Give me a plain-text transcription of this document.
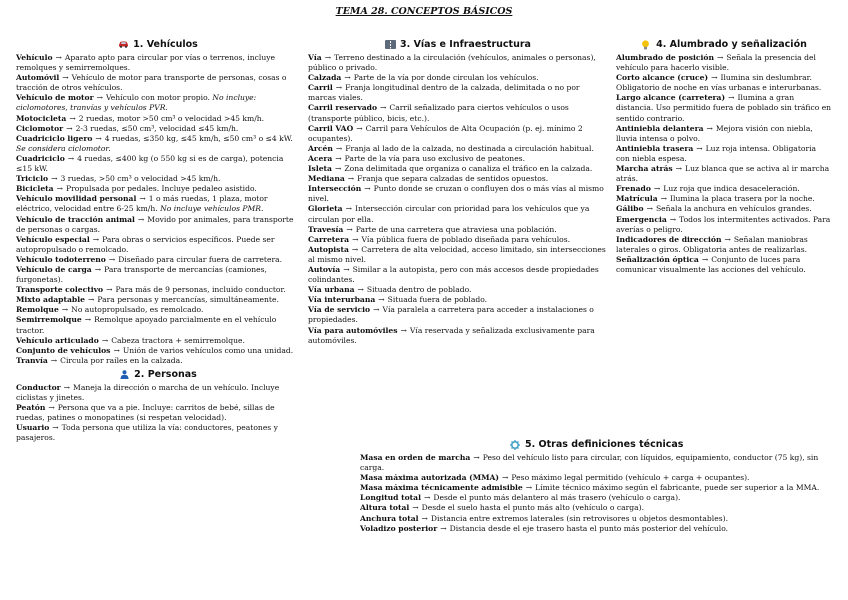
TEMA 28. CONCEPTOS BÁSICOS
1. Vehículos

Vehículo → Aparato apto para circular por vías o terrenos, incluye remolques y semirremolques.

Automóvil → Vehículo de motor para transporte de personas, cosas o tracción de otros vehículos.

Vehículo de motor → Vehículo con motor propio. No incluye: ciclomotores, tranvías y vehículos PVR.

Motocicleta → 2 ruedas, motor >50 cm³ o velocidad >45 km/h.

Ciclomotor → 2-3 ruedas, ≤50 cm³, velocidad ≤45 km/h.

Cuadriciclo ligero → 4 ruedas, ≤350 kg, ≤45 km/h, ≤50 cm³ o ≤4 kW. Se considera ciclomotor.

Cuadriciclo → 4 ruedas, ≤400 kg (o 550 kg si es de carga), potencia ≤15 kW.

Triciclo → 3 ruedas, >50 cm³ o velocidad >45 km/h.

Bicicleta → Propulsada por pedales. Incluye pedaleo asistido.

Vehículo movilidad personal → 1 o más ruedas, 1 plaza, motor eléctrico, velocidad entre 6-25 km/h. No incluye vehículos PMR.

Vehículo de tracción animal → Movido por animales, para transporte de personas o cargas.

Vehículo especial → Para obras o servicios específicos. Puede ser autopropulsado o remolcado.

Vehículo todoterreno → Diseñado para circular fuera de carretera.

Vehículo de carga → Para transporte de mercancías (camiones, furgonetas).

Transporte colectivo → Para más de 9 personas, incluido conductor.

Mixto adaptable → Para personas y mercancías, simultáneamente.

Remolque → No autopropulsado, es remolcado.

Semirremolque → Remolque apoyado parcialmente en el vehículo tractor.

Vehículo articulado → Cabeza tractora + semirremolque.

Conjunto de vehículos → Unión de varios vehículos como una unidad.

Tranvía → Circula por raíles en la calzada.

2. Personas

Conductor → Maneja la dirección o marcha de un vehículo. Incluye ciclistas y jinetes.

Peatón → Persona que va a pie. Incluye: carritos de bebé, sillas de ruedas, patines o monopatines (si respetan velocidad).

Usuario → Toda persona que utiliza la vía: conductores, peatones y pasajeros.

3. Vías e Infraestructura

Vía → Terreno destinado a la circulación (vehículos, animales o personas), público o privado.

Calzada → Parte de la vía por donde circulan los vehículos.

Carril → Franja longitudinal dentro de la calzada, delimitada o no por marcas viales.

Carril reservado → Carril señalizado para ciertos vehículos o usos (transporte público, bicis, etc.).

Carril VAO → Carril para Vehículos de Alta Ocupación (p. ej. mínimo 2 ocupantes).

Arcén → Franja al lado de la calzada, no destinada a circulación habitual.

Acera → Parte de la vía para uso exclusivo de peatones.

Isleta → Zona delimitada que organiza o canaliza el tráfico en la calzada.

Mediana → Franja que separa calzadas de sentidos opuestos.

Intersección → Punto donde se cruzan o confluyen dos o más vías al mismo nivel.

Glorieta → Intersección circular con prioridad para los vehículos que ya circulan por ella.

Travesía → Parte de una carretera que atraviesa una población.

Carretera → Vía pública fuera de poblado diseñada para vehículos.

Autopista → Carretera de alta velocidad, acceso limitado, sin intersecciones al mismo nivel.

Autovía → Similar a la autopista, pero con más accesos desde propiedades colindantes.

Vía urbana → Situada dentro de poblado.

Vía interurbana → Situada fuera de poblado.

Vía de servicio → Vía paralela a carretera para acceder a instalaciones o propiedades.

Vía para automóviles → Vía reservada y señalizada exclusivamente para automóviles.

4. Alumbrado y señalización

Alumbrado de posición → Señala la presencia del vehículo para hacerlo visible.

Corto alcance (cruce) → Ilumina sin deslumbrar. Obligatorio de noche en vías urbanas e interurbanas.

Largo alcance (carretera) → Ilumina a gran distancia. Uso permitido fuera de poblado sin tráfico en sentido contrario.

Antiniebla delantera → Mejora visión con niebla, lluvia intensa o polvo.

Antiniebla trasera → Luz roja intensa. Obligatoria con niebla espesa.

Marcha atrás → Luz blanca que se activa al ir marcha atrás.

Frenado → Luz roja que indica desaceleración.

Matrícula → Ilumina la placa trasera por la noche.

Gálibo → Señala la anchura en vehículos grandes.

Emergencia → Todos los intermitentes activados. Para averías o peligro.

Indicadores de dirección → Señalan maniobras laterales o giros. Obligatoria antes de realizarlas.

Señalización óptica → Conjunto de luces para comunicar visualmente las acciones del vehículo.

5. Otras definiciones técnicas

Masa en orden de marcha → Peso del vehículo listo para circular, con líquidos, equipamiento, conductor (75 kg), sin carga.

Masa máxima autorizada (MMA) → Peso máximo legal permitido (vehículo + carga + ocupantes).

Masa máxima técnicamente admisible → Límite técnico máximo según el fabricante, puede ser superior a la MMA.

Longitud total → Desde el punto más delantero al más trasero (vehículo o carga).

Altura total → Desde el suelo hasta el punto más alto (vehículo o carga).

Anchura total → Distancia entre extremos laterales (sin retrovisores u objetos desmontables).

Voladizo posterior → Distancia desde el eje trasero hasta el punto más posterior del vehículo.
